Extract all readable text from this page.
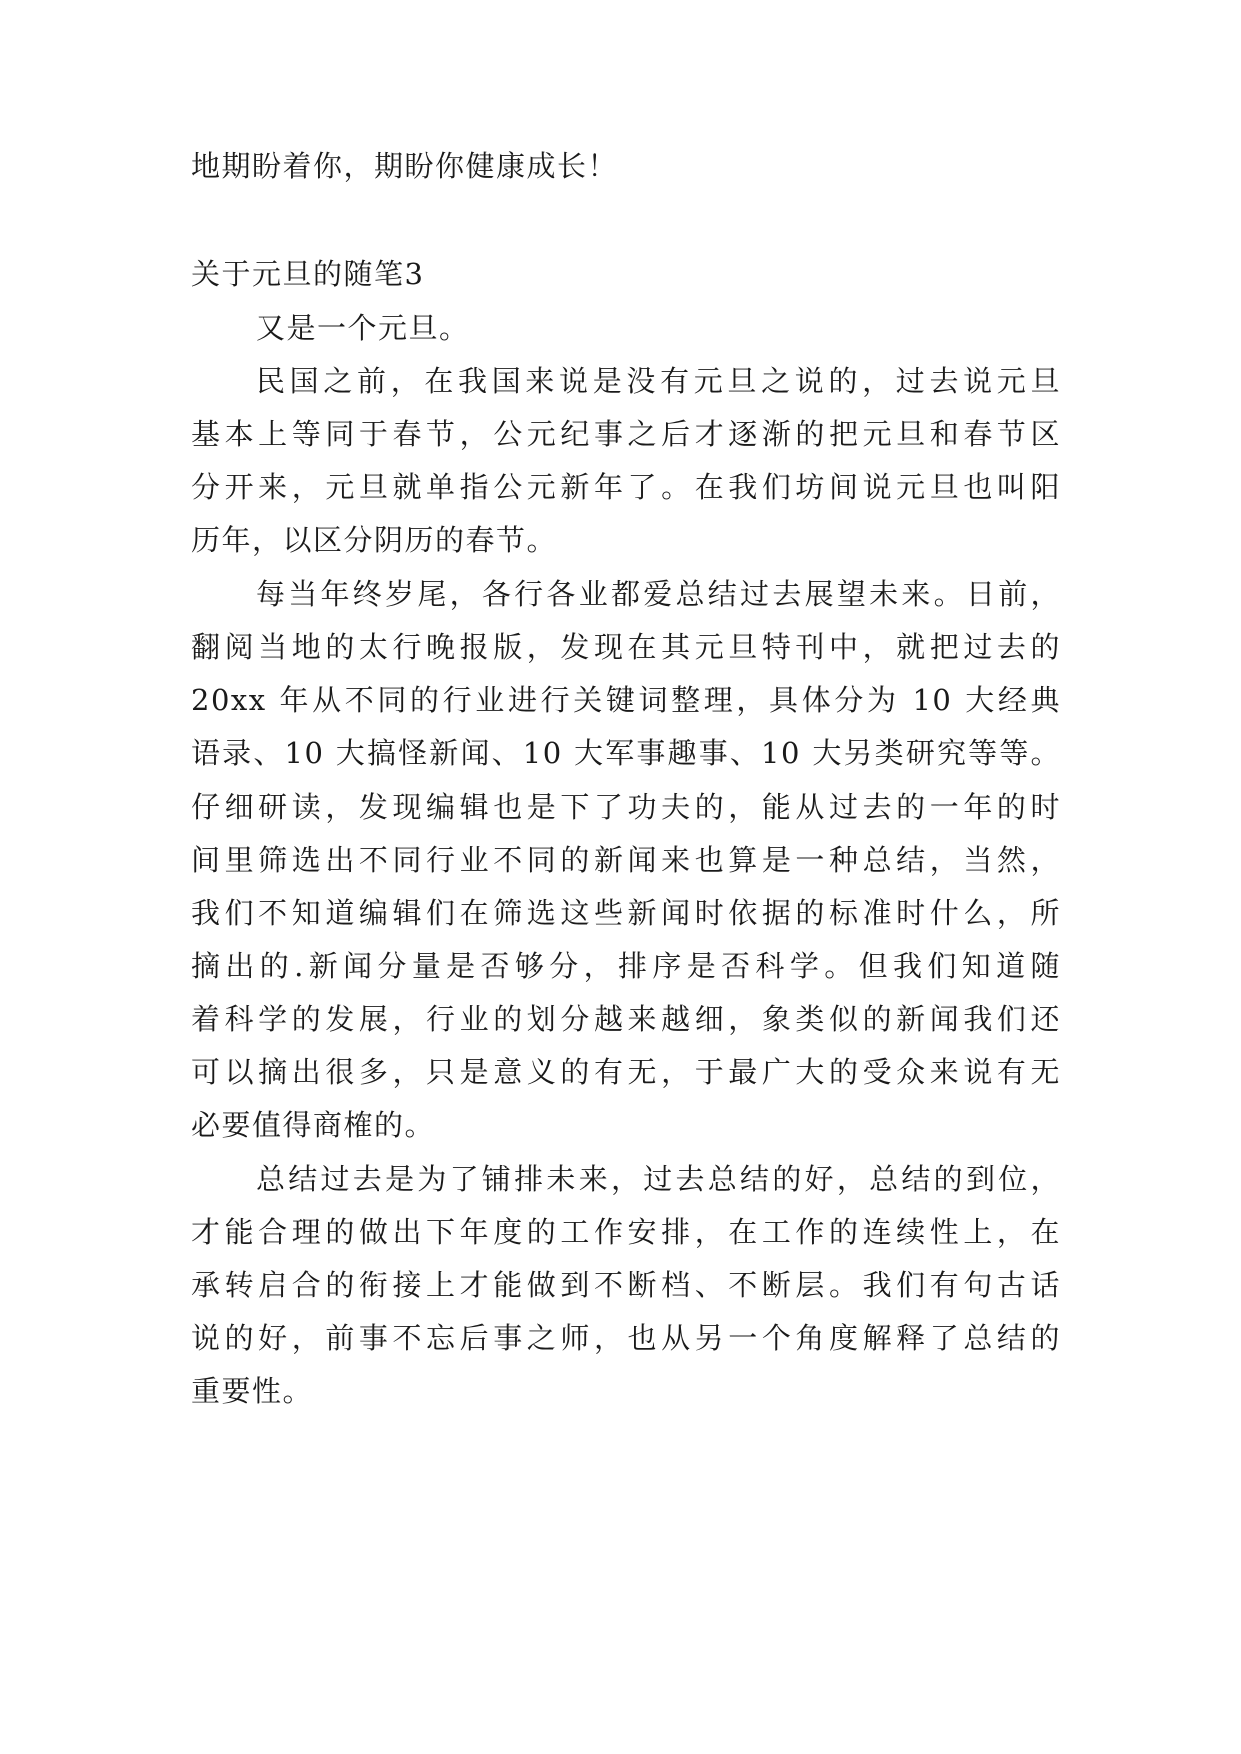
地期盼着你，期盼你健康成长！
关于元旦的随笔3
又是一个元旦。
民国之前，在我国来说是没有元旦之说的，过去说元旦
基本上等同于春节，公元纪事之后才逐渐的把元旦和春节区
分开来，元旦就单指公元新年了。在我们坊间说元旦也叫阳
历年，以区分阴历的春节。
每当年终岁尾，各行各业都爱总结过去展望未来。日前，
翻阅当地的太行晚报版，发现在其元旦特刊中，就把过去的
20xx 年从不同的行业进行关键词整理，具体分为 10 大经典
语录、10 大搞怪新闻、10 大军事趣事、10 大另类研究等等。
仔细研读，发现编辑也是下了功夫的，能从过去的一年的时
间里筛选出不同行业不同的新闻来也算是一种总结，当然，
我们不知道编辑们在筛选这些新闻时依据的标准时什么，所
摘出的.新闻分量是否够分，排序是否科学。但我们知道随
着科学的发展，行业的划分越来越细，象类似的新闻我们还
可以摘出很多，只是意义的有无，于最广大的受众来说有无
必要值得商榷的。
总结过去是为了铺排未来，过去总结的好，总结的到位，
才能合理的做出下年度的工作安排，在工作的连续性上，在
承转启合的衔接上才能做到不断档、不断层。我们有句古话
说的好，前事不忘后事之师，也从另一个角度解释了总结的
重要性。
